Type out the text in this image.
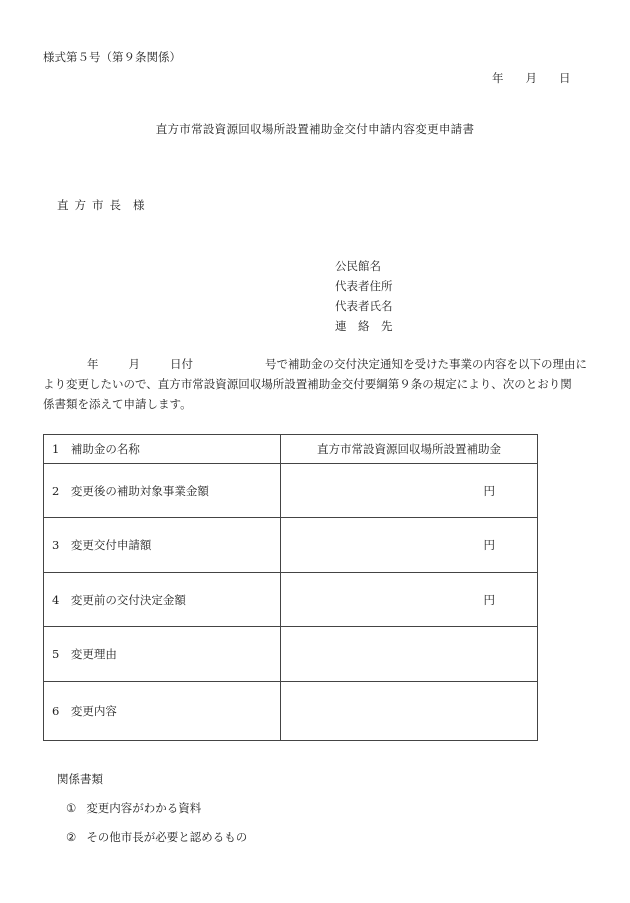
様式第５号（第９条関係）
年 月 日
直方市常設資源回収場所設置補助金交付申請内容変更申請書
直方市長 様
公民館名
代表者住所
代表者氏名
連　絡　先
年	月	日付	号で補助金の交付決定通知を受けた事業の内容を以下の理由に
より変更したいので、直方市常設資源回収場所設置補助金交付要綱第９条の規定により、次のとおり関
係書類を添えて申請します。
1　補助金の名称	直方市常設資源回収場所設置補助金
2　変更後の補助対象事業金額	円
3　変更交付申請額	円
4　変更前の交付決定金額	円
5　変更理由	
6　変更内容	
関係書類
① 変更内容がわかる資料
② その他市長が必要と認めるもの
